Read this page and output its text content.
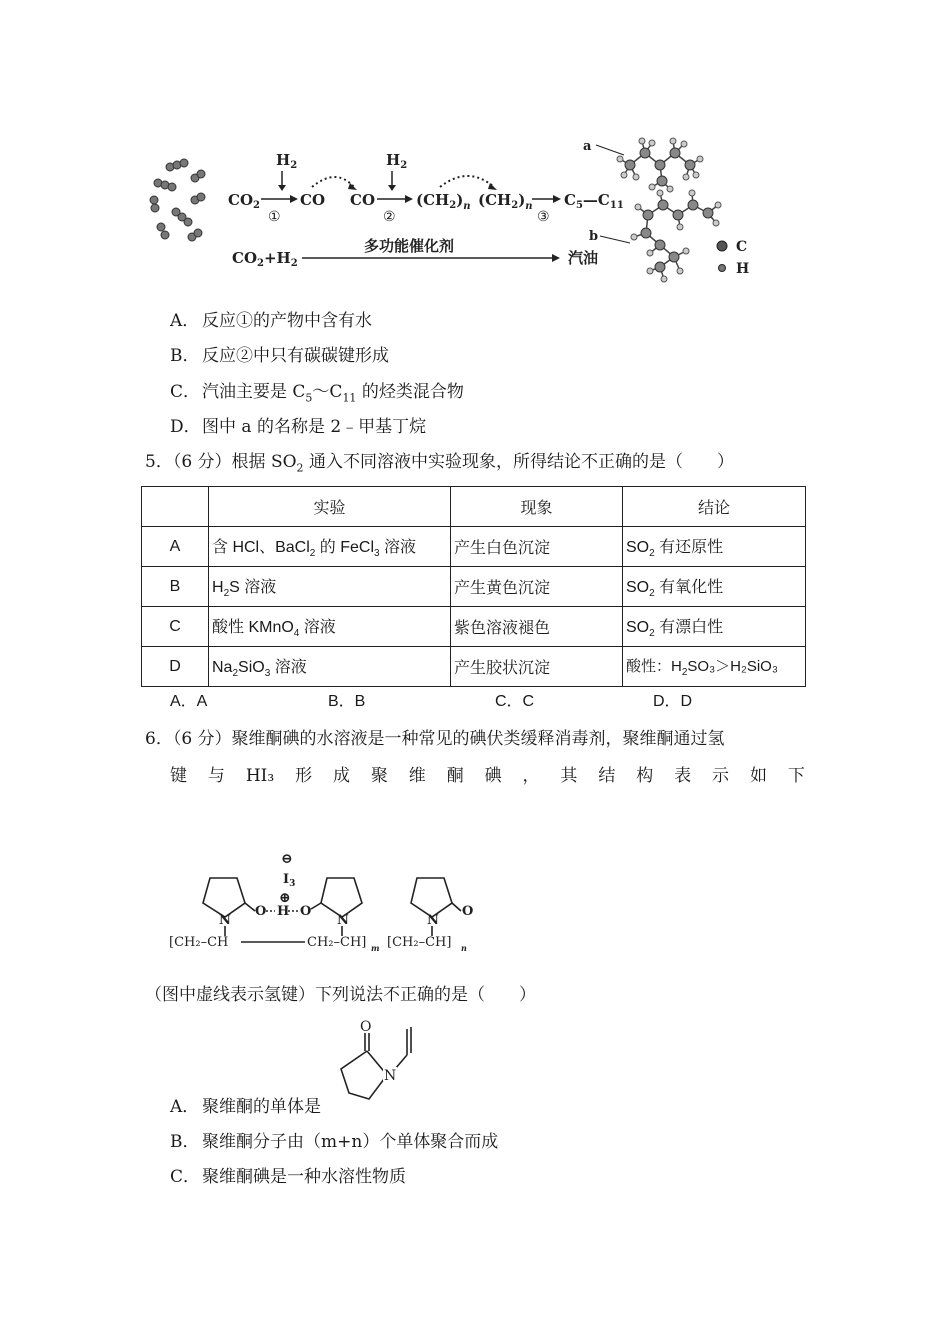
$H_2$
$CO_2$	CO
①
CO
$H_2$
②
$(CH_2)_n$ $(CH_2)_n$
③
$C_5—C_{11}$
$CO_2+H_2$
多功能催化剂
汽油
a
b
C
H
A． 反应①的产物中含有水
B． 反应②中只有碳碳键形成
C． 汽油主要是 $C_5\sim C_{11}$ 的烃类混合物
D．图中 a 的名称是 2﹣甲基丁烷
5．（6 分）根据 $SO_2$ 通入不同溶液中实验现象，所得结论不正确的是（　　）
	实验	现象	结论
A	含 HCl、BaCl$_2$ 的 FeCl$_3$ 溶液	产生白色沉淀	$SO_2$ 有还原性
B	$H_2S$ 溶液	产生黄色沉淀	$SO_2$ 有氧化性
C	酸性 KMnO$_4$ 溶液	紫色溶液褪色	$SO_2$ 有漂白性
D	$Na_2SiO_3$ 溶液	产生胶状沉淀	酸性：$H_2SO_3>H_2SiO_3$
A．A	B．B	C．C	D．D
6．（6 分）聚维酮碘的水溶液是一种常见的碘伏类缓释消毒剂，聚维酮通过氢
键 与 HI₃ 形 成 聚 维 酮 碘 ， 其 结 构 表 示 如 下
⊖
$I_3$
⊕
N
O H O
N	N
O
[CH₂–CH	CH₂–CH] m [CH₂–CH] n
（图中虚线表示氢键）下列说法不正确的是（　　）
O
N
A． 聚维酮的单体是
B． 聚维酮分子由（m+n）个单体聚合而成
C． 聚维酮碘是一种水溶性物质
